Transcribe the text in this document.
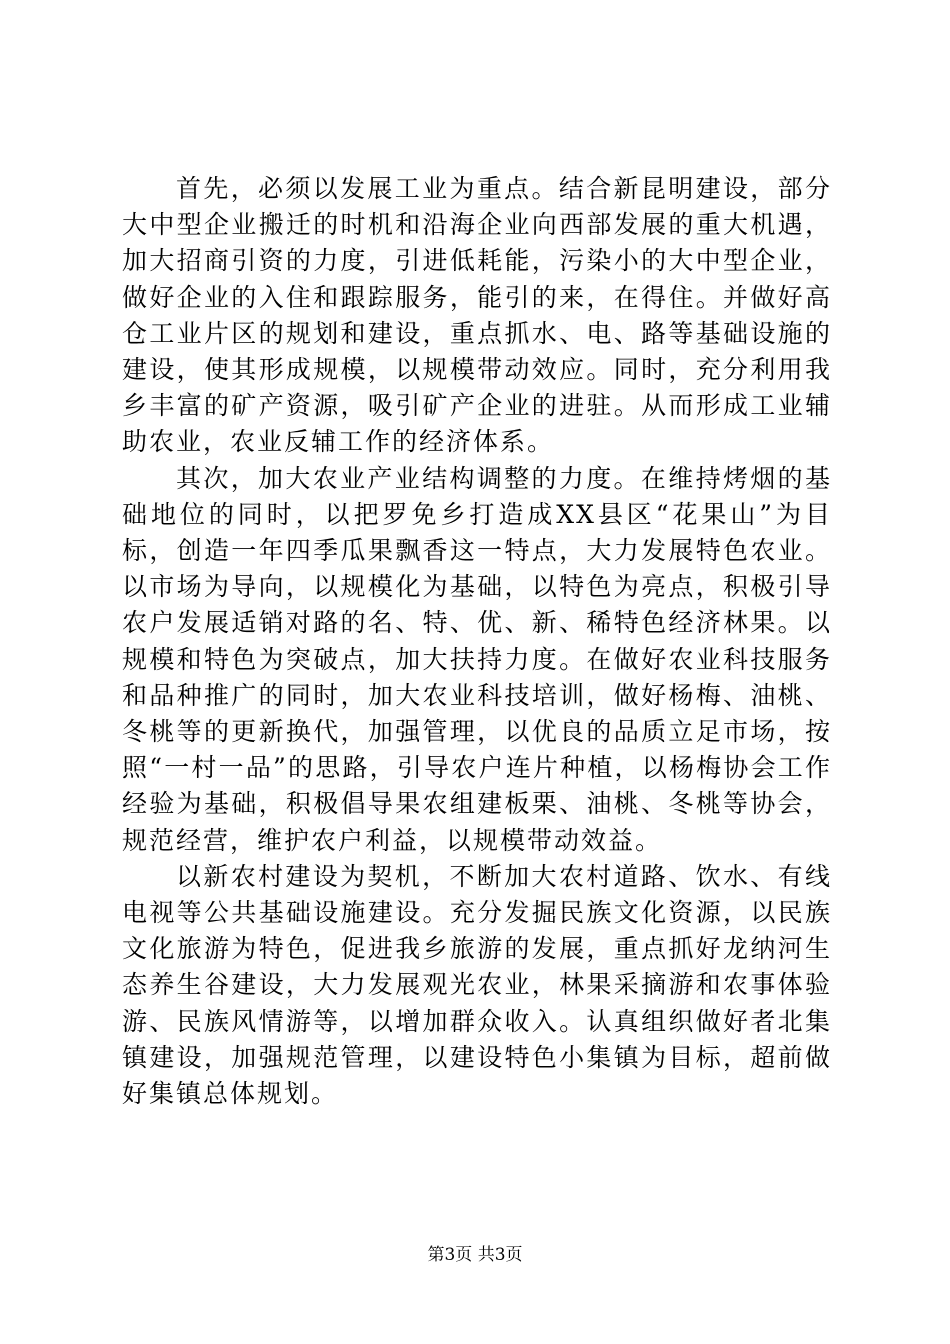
首先，必须以发展工业为重点。结合新昆明建设，部分大中型企业搬迁的时机和沿海企业向西部发展的重大机遇，加大招商引资的力度，引进低耗能，污染小的大中型企业，做好企业的入住和跟踪服务，能引的来，在得住。并做好高仓工业片区的规划和建设，重点抓水、电、路等基础设施的建设，使其形成规模，以规模带动效应。同时，充分利用我乡丰富的矿产资源，吸引矿产企业的进驻。从而形成工业辅助农业，农业反辅工作的经济体系。

其次，加大农业产业结构调整的力度。在维持烤烟的基础地位的同时，以把罗免乡打造成XX县区“花果山”为目标，创造一年四季瓜果飘香这一特点，大力发展特色农业。以市场为导向，以规模化为基础，以特色为亮点，积极引导农户发展适销对路的名、特、优、新、稀特色经济林果。以规模和特色为突破点，加大扶持力度。在做好农业科技服务和品种推广的同时，加大农业科技培训，做好杨梅、油桃、冬桃等的更新换代，加强管理，以优良的品质立足市场，按照“一村一品”的思路，引导农户连片种植，以杨梅协会工作经验为基础，积极倡导果农组建板栗、油桃、冬桃等协会，规范经营，维护农户利益，以规模带动效益。

以新农村建设为契机，不断加大农村道路、饮水、有线电视等公共基础设施建设。充分发掘民族文化资源，以民族文化旅游为特色，促进我乡旅游的发展，重点抓好龙纳河生态养生谷建设，大力发展观光农业，林果采摘游和农事体验游、民族风情游等，以增加群众收入。认真组织做好者北集镇建设，加强规范管理，以建设特色小集镇为目标，超前做好集镇总体规划。

第3页 共3页
